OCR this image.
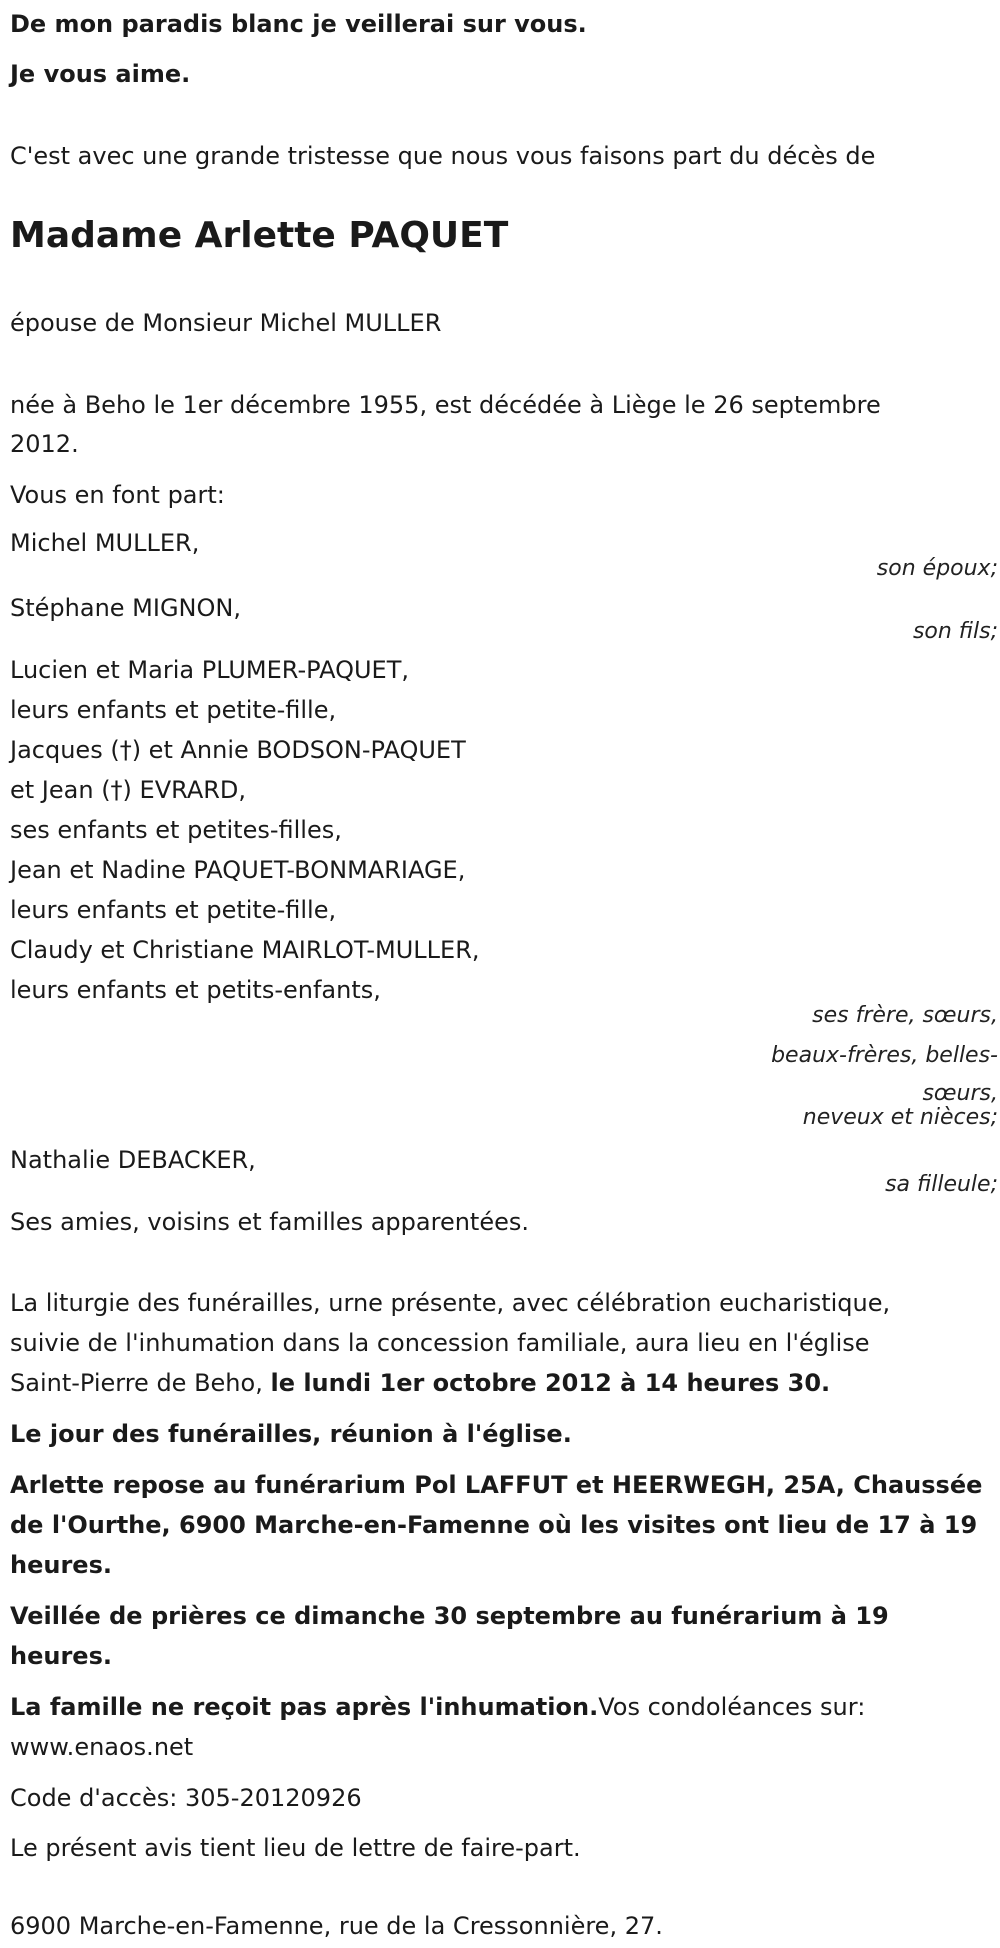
De mon paradis blanc je veillerai sur vous.
Je vous aime.
C'est avec une grande tristesse que nous vous faisons part du décès de
Madame Arlette PAQUET
épouse de Monsieur Michel MULLER
née à Beho le 1er décembre 1955, est décédée à Liège le 26 septembre
2012.
Vous en font part:
Michel MULLER,
son époux;
Stéphane MIGNON,
son fils;
Lucien et Maria PLUMER-PAQUET,
leurs enfants et petite-fille,
Jacques (†) et Annie BODSON-PAQUET
et Jean (†) EVRARD,
ses enfants et petites-filles,
Jean et Nadine PAQUET-BONMARIAGE,
leurs enfants et petite-fille,
Claudy et Christiane MAIRLOT-MULLER,
leurs enfants et petits-enfants,
ses frère, sœurs,
beaux-frères, belles-
sœurs,
neveux et nièces;
Nathalie DEBACKER,
sa filleule;
Ses amies, voisins et familles apparentées.
La liturgie des funérailles, urne présente, avec célébration eucharistique,
suivie de l'inhumation dans la concession familiale, aura lieu en l'église
Saint-Pierre de Beho, le lundi 1er octobre 2012 à 14 heures 30.
Le jour des funérailles, réunion à l'église.
Arlette repose au funérarium Pol LAFFUT et HEERWEGH, 25A, Chaussée
de l'Ourthe, 6900 Marche-en-Famenne où les visites ont lieu de 17 à 19
heures.
Veillée de prières ce dimanche 30 septembre au funérarium à 19
heures.
La famille ne reçoit pas après l'inhumation.Vos condoléances sur:
www.enaos.net
Code d'accès: 305-20120926
Le présent avis tient lieu de lettre de faire-part.
6900 Marche-en-Famenne, rue de la Cressonnière, 27.
